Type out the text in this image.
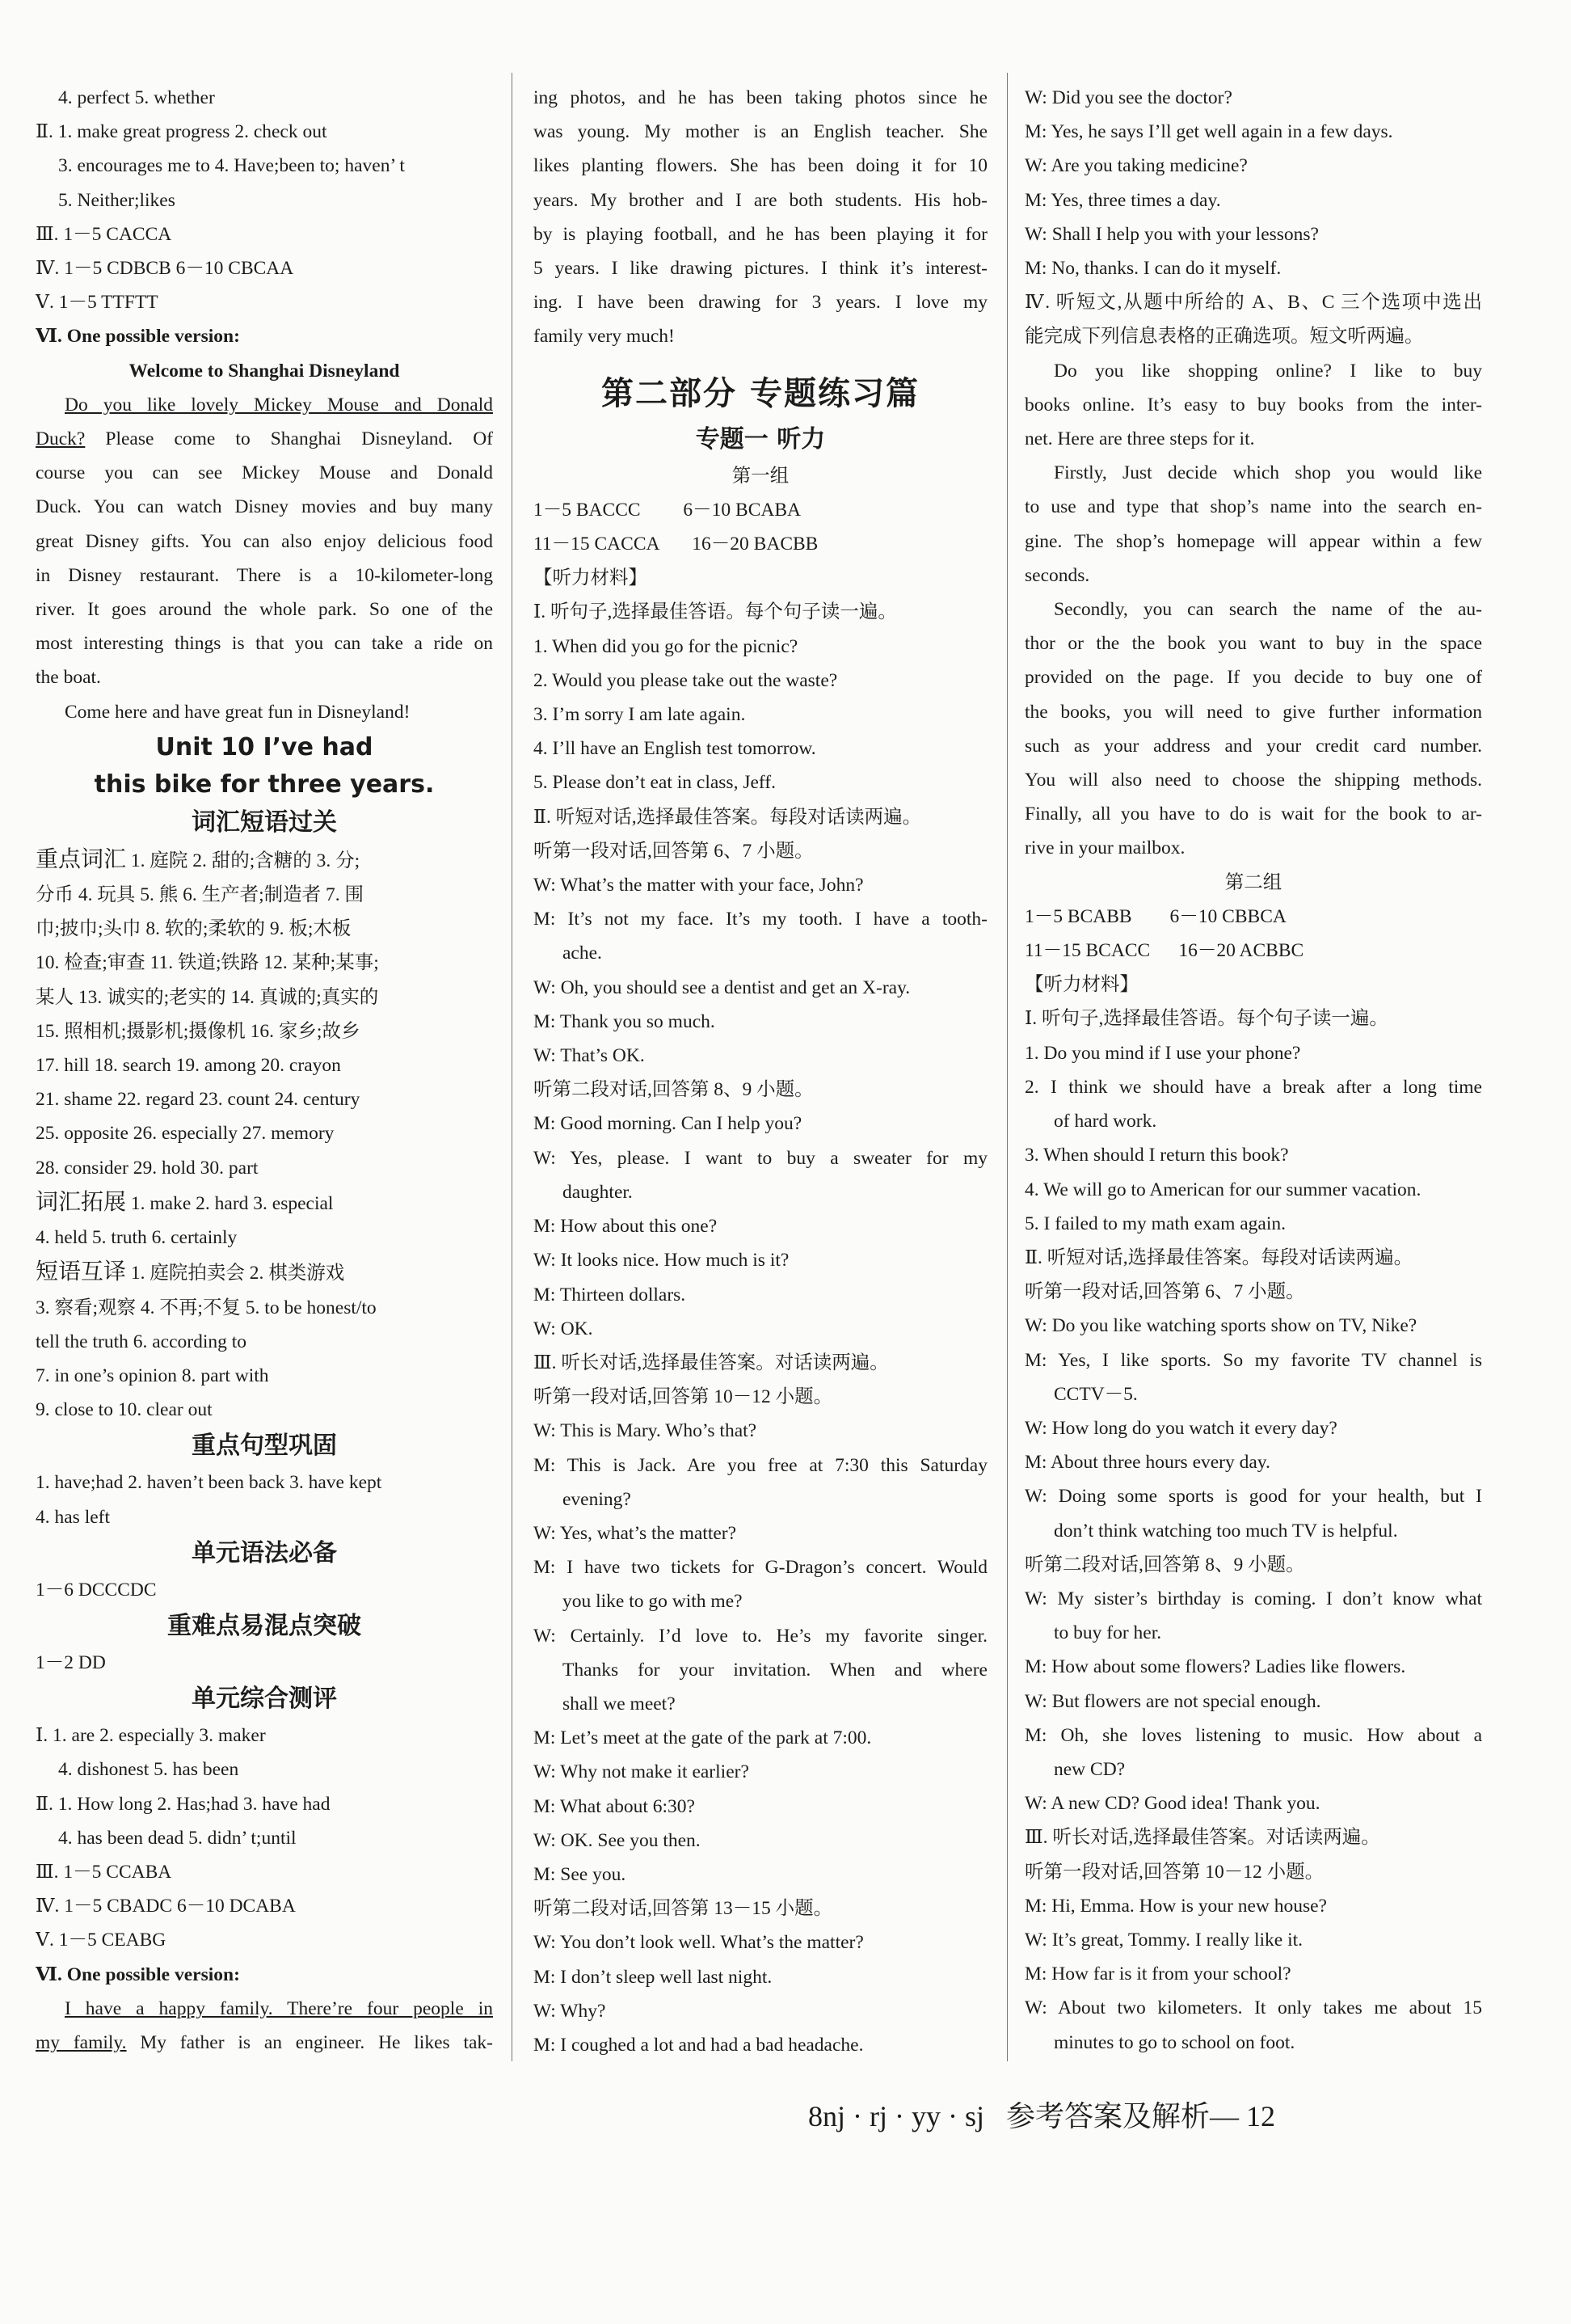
4. perfect 5. whether
Ⅱ. 1. make great progress 2. check out
3. encourages me to 4. Have;been to; haven’ t
5. Neither;likes
Ⅲ. 1－5 CACCA
Ⅳ. 1－5 CDBCB 6－10 CBCAA
Ⅴ. 1－5 TTFTT
Ⅵ. One possible version:
Welcome to Shanghai Disneyland
Do you like lovely Mickey Mouse and Donald
Duck? Please come to Shanghai Disneyland. Of
course you can see Mickey Mouse and Donald
Duck. You can watch Disney movies and buy many
great Disney gifts. You can also enjoy delicious food
in Disney restaurant. There is a 10-kilometer-long
river. It goes around the whole park. So one of the
most interesting things is that you can take a ride on
the boat.
Come here and have great fun in Disneyland!
Unit 10 I’ve had
this bike for three years.
词汇短语过关
重点词汇 1. 庭院 2. 甜的;含糖的 3. 分;
分币 4. 玩具 5. 熊 6. 生产者;制造者 7. 围
巾;披巾;头巾 8. 软的;柔软的 9. 板;木板
10. 检查;审查 11. 铁道;铁路 12. 某种;某事;
某人 13. 诚实的;老实的 14. 真诚的;真实的
15. 照相机;摄影机;摄像机 16. 家乡;故乡
17. hill 18. search 19. among 20. crayon
21. shame 22. regard 23. count 24. century
25. opposite 26. especially 27. memory
28. consider 29. hold 30. part
词汇拓展 1. make 2. hard 3. especial
4. held 5. truth 6. certainly
短语互译 1. 庭院拍卖会 2. 棋类游戏
3. 察看;观察 4. 不再;不复 5. to be honest/to
tell the truth 6. according to
7. in one’s opinion 8. part with
9. close to 10. clear out
重点句型巩固
1. have;had 2. haven’t been back 3. have kept
4. has left
单元语法必备
1－6 DCCCDC
重难点易混点突破
1－2 DD
单元综合测评
Ⅰ. 1. are 2. especially 3. maker
4. dishonest 5. has been
Ⅱ. 1. How long 2. Has;had 3. have had
4. has been dead 5. didn’ t;until
Ⅲ. 1－5 CCABA
Ⅳ. 1－5 CBADC 6－10 DCABA
Ⅴ. 1－5 CEABG
Ⅵ. One possible version:
I have a happy family. There’re four people in
my family. My father is an engineer. He likes tak-
ing photos, and he has been taking photos since he
was young. My mother is an English teacher. She
likes planting flowers. She has been doing it for 10
years. My brother and I are both students. His hob-
by is playing football, and he has been playing it for
5 years. I like drawing pictures. I think it’s interest-
ing. I have been drawing for 3 years. I love my
family very much!
第二部分 专题练习篇
专题一 听力
第一组
1－5 BACCC         6－10 BCABA
11－15 CACCA       16－20 BACBB
【听力材料】
Ⅰ. 听句子,选择最佳答语。每个句子读一遍。
1. When did you go for the picnic?
2. Would you please take out the waste?
3. I’m sorry I am late again.
4. I’ll have an English test tomorrow.
5. Please don’t eat in class, Jeff.
Ⅱ. 听短对话,选择最佳答案。每段对话读两遍。
听第一段对话,回答第 6、7 小题。
W: What’s the matter with your face, John?
M: It’s not my face. It’s my tooth. I have a tooth-
ache.
W: Oh, you should see a dentist and get an X-ray.
M: Thank you so much.
W: That’s OK.
听第二段对话,回答第 8、9 小题。
M: Good morning. Can I help you?
W: Yes, please. I want to buy a sweater for my
daughter.
M: How about this one?
W: It looks nice. How much is it?
M: Thirteen dollars.
W: OK.
Ⅲ. 听长对话,选择最佳答案。对话读两遍。
听第一段对话,回答第 10－12 小题。
W: This is Mary. Who’s that?
M: This is Jack. Are you free at 7:30 this Saturday
evening?
W: Yes, what’s the matter?
M: I have two tickets for G-Dragon’s concert. Would
you like to go with me?
W: Certainly. I’d love to. He’s my favorite singer.
Thanks for your invitation. When and where
shall we meet?
M: Let’s meet at the gate of the park at 7:00.
W: Why not make it earlier?
M: What about 6:30?
W: OK. See you then.
M: See you.
听第二段对话,回答第 13－15 小题。
W: You don’t look well. What’s the matter?
M: I don’t sleep well last night.
W: Why?
M: I coughed a lot and had a bad headache.
W: Did you see the doctor?
M: Yes, he says I’ll get well again in a few days.
W: Are you taking medicine?
M: Yes, three times a day.
W: Shall I help you with your lessons?
M: No, thanks. I can do it myself.
Ⅳ. 听短文,从题中所给的 A、B、C 三个选项中选出
能完成下列信息表格的正确选项。短文听两遍。
Do you like shopping online? I like to buy
books online. It’s easy to buy books from the inter-
net. Here are three steps for it.
Firstly, Just decide which shop you would like
to use and type that shop’s name into the search en-
gine. The shop’s homepage will appear within a few
seconds.
Secondly, you can search the name of the au-
thor or the the book you want to buy in the space
provided on the page. If you decide to buy one of
the books, you will need to give further information
such as your address and your credit card number.
You will also need to choose the shipping methods.
Finally, all you have to do is wait for the book to ar-
rive in your mailbox.
第二组
1－5 BCABB        6－10 CBBCA
11－15 BCACC      16－20 ACBBC
【听力材料】
Ⅰ. 听句子,选择最佳答语。每个句子读一遍。
1. Do you mind if I use your phone?
2. I think we should have a break after a long time
of hard work.
3. When should I return this book?
4. We will go to American for our summer vacation.
5. I failed to my math exam again.
Ⅱ. 听短对话,选择最佳答案。每段对话读两遍。
听第一段对话,回答第 6、7 小题。
W: Do you like watching sports show on TV, Nike?
M: Yes, I like sports. So my favorite TV channel is
CCTV－5.
W: How long do you watch it every day?
M: About three hours every day.
W: Doing some sports is good for your health, but I
don’t think watching too much TV is helpful.
听第二段对话,回答第 8、9 小题。
W: My sister’s birthday is coming. I don’t know what
to buy for her.
M: How about some flowers? Ladies like flowers.
W: But flowers are not special enough.
M: Oh, she loves listening to music. How about a
new CD?
W: A new CD? Good idea! Thank you.
Ⅲ. 听长对话,选择最佳答案。对话读两遍。
听第一段对话,回答第 10－12 小题。
M: Hi, Emma. How is your new house?
W: It’s great, Tommy. I really like it.
M: How far is it from your school?
W: About two kilometers. It only takes me about 15
minutes to go to school on foot.
8nj · rj · yy · sj   参考答案及解析— 12
